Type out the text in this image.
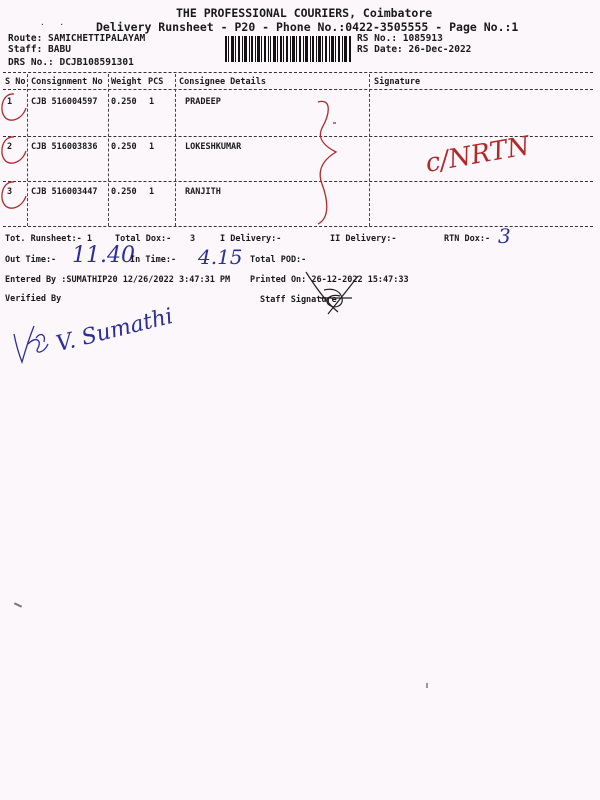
THE PROFESSIONAL COURIERS, Coimbatore
Delivery Runsheet - P20 - Phone No.:0422-3505555 - Page No.:1
·   ·
Route: SAMICHETTIPALAYAM
Staff: BABU
DRS No.: DCJB108591301
RS No.: 1085913
RS Date: 26-Dec-2022
S No Consignment No Weight PCS Consignee Details	Signature
1 CJB 516004597 0.250 1	PRADEEP
2 CJB 516003836 0.250 1	LOKESHKUMAR
3 CJB 516003447 0.250 1	RANJITH
c/NRTN
Tot. Runsheet:- 1	Total Dox:- 3	I Delivery:-	II Delivery:-	RTN Dox:- 3
Out Time:- 11.40
In Time:- 4.15 Total POD:-
Entered By :SUMATHIP20 12/26/2022 3:47:31 PM Printed On: 26-12-2022 15:47:33
Verified By	Staff Signature
V. Sumathi
